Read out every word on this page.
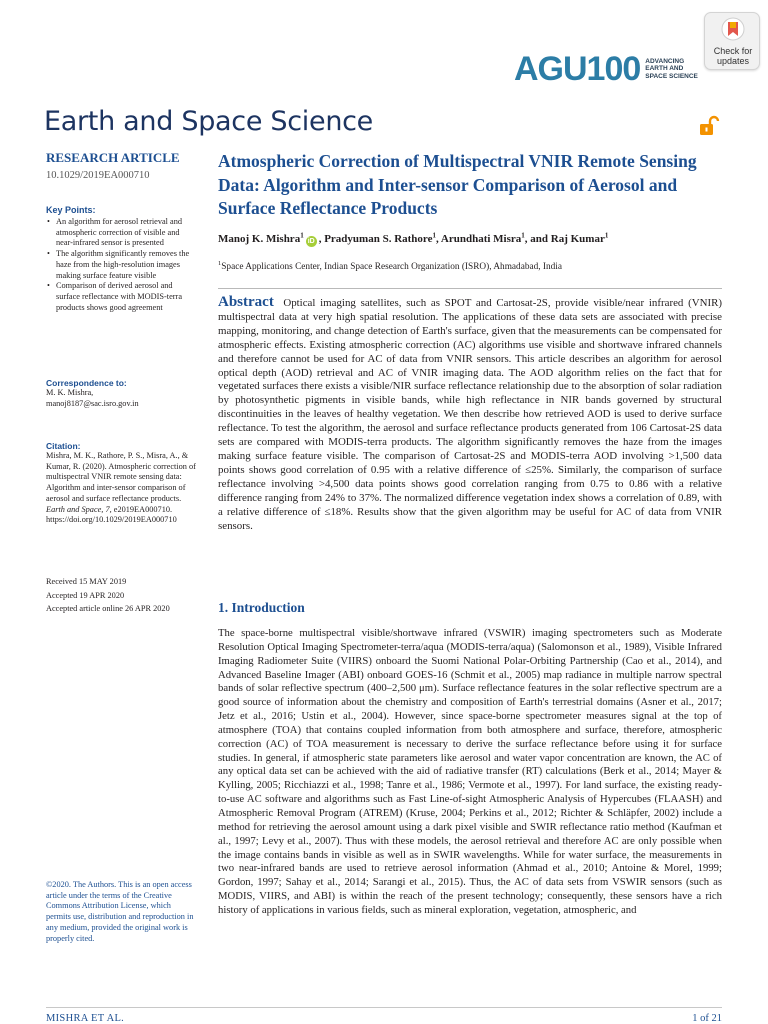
Check for
updates
AGU100 ADVANCING
EARTH AND
SPACE SCIENCE
Earth and Space Science
RESEARCH ARTICLE
10.1029/2019EA000710
Key Points:
• An algorithm for aerosol retrieval and atmospheric correction of visible and near-infrared sensor is presented
• The algorithm significantly removes the haze from the high-resolution images making surface feature visible
• Comparison of derived aerosol and surface reflectance with MODIS-terra products shows good agreement
Correspondence to:
M. K. Mishra,
manoj8187@sac.isro.gov.in
Citation:
Mishra, M. K., Rathore, P. S., Misra, A., & Kumar, R. (2020). Atmospheric correction of multispectral VNIR remote sensing data: Algorithm and inter-sensor comparison of aerosol and surface reflectance products. Earth and Space, 7, e2019EA000710. https://doi.org/10.1029/2019EA000710

Received 15 MAY 2019

Accepted 19 APR 2020

Accepted article online 26 APR 2020

©2020. The Authors. This is an open access article under the terms of the Creative Commons Attribution License, which permits use, distribution and reproduction in any medium, provided the original work is properly cited.
Atmospheric Correction of Multispectral VNIR Remote Sensing Data: Algorithm and Inter-sensor Comparison of Aerosol and Surface Reflectance Products
Manoj K. Mishra$^1$iD , Pradyuman S. Rathore$^1$, Arundhati Misra$^1$, and Raj Kumar$^1$
$^1$Space Applications Center, Indian Space Research Organization (ISRO), Ahmadabad, India
Abstract Optical imaging satellites, such as SPOT and Cartosat-2S, provide visible/near infrared (VNIR) multispectral data at very high spatial resolution. The applications of these data sets are associated with precise mapping, monitoring, and change detection of Earth's surface, given that the measurements can be compensated for atmospheric effects. Existing atmospheric correction (AC) algorithms use visible and shortwave infrared channels and therefore cannot be used for AC of data from VNIR sensors. This article describes an algorithm for aerosol optical depth (AOD) retrieval and AC of VNIR imaging data. The AOD algorithm relies on the fact that for vegetated surfaces there exists a visible/NIR surface reflectance relationship due to the absorption of solar radiation by photosynthetic pigments in visible bands, while high reflectance in NIR bands governed by structural discontinuities in the leaves of healthy vegetation. We then describe how retrieved AOD is used to derive surface reflectance. To test the algorithm, the aerosol and surface reflectance products generated from 106 Cartosat-2S data sets are compared with MODIS-terra products. The algorithm significantly removes the haze from the images making surface feature visible. The comparison of Cartosat-2S and MODIS-terra AOD involving >1,500 data points shows good correlation of 0.95 with a relative difference of ≤25%. Similarly, the comparison of surface reflectance involving >4,500 data points shows good correlation ranging from 0.75 to 0.86 with a relative difference ranging from 24% to 37%. The normalized difference vegetation index shows a correlation of 0.89, with a relative difference of ≤18%. Results show that the given algorithm may be useful for AC of data from VNIR sensors.
1. Introduction
The space-borne multispectral visible/shortwave infrared (VSWIR) imaging spectrometers such as Moderate Resolution Optical Imaging Spectrometer-terra/aqua (MODIS-terra/aqua) (Salomonson et al., 1989), Visible Infrared Imaging Radiometer Suite (VIIRS) onboard the Suomi National Polar-Orbiting Partnership (Cao et al., 2014), and Advanced Baseline Imager (ABI) onboard GOES-16 (Schmit et al., 2005) map radiance in multiple narrow spectral bands of solar reflective spectrum (400–2,500 μm). Surface reflectance features in the solar reflective spectrum are a good source of information about the chemistry and composition of Earth's terrestrial domains (Asner et al., 2017; Jetz et al., 2016; Ustin et al., 2004). However, since space-borne spectrometer measures signal at the top of atmosphere (TOA) that contains coupled information from both atmosphere and surface, therefore, atmospheric correction (AC) of TOA measurement is necessary to derive the surface reflectance before using it for surface studies. In general, if atmospheric state parameters like aerosol and water vapor concentration are known, the AC of any optical data set can be achieved with the aid of radiative transfer (RT) calculations (Berk et al., 2014; Mayer & Kylling, 2005; Ricchiazzi et al., 1998; Tanre et al., 1986; Vermote et al., 1997). For land surface, the existing ready-to-use AC software and algorithms such as Fast Line-of-sight Atmospheric Analysis of Hypercubes (FLAASH) and Atmospheric Removal Program (ATREM) (Kruse, 2004; Perkins et al., 2012; Richter & Schläpfer, 2002) include a method for retrieving the aerosol amount using a dark pixel visible and SWIR reflectance ratio method (Kaufman et al., 1997; Levy et al., 2007). Thus with these models, the aerosol retrieval and therefore AC are only possible when the image contains bands in visible as well as in SWIR wavelengths. While for water surface, the measurements in two near-infrared bands are used to retrieve aerosol information (Ahmad et al., 2010; Antoine & Morel, 1999; Gordon, 1997; Sahay et al., 2014; Sarangi et al., 2015). Thus, the AC of data sets from VSWIR sensors (such as MODIS, VIIRS, and ABI) is within the reach of the present technology; consequently, these sensors have a rich history of applications in various fields, such as mineral exploration, vegetation, atmospheric, and
MISHRA ET AL.	1 of 21
